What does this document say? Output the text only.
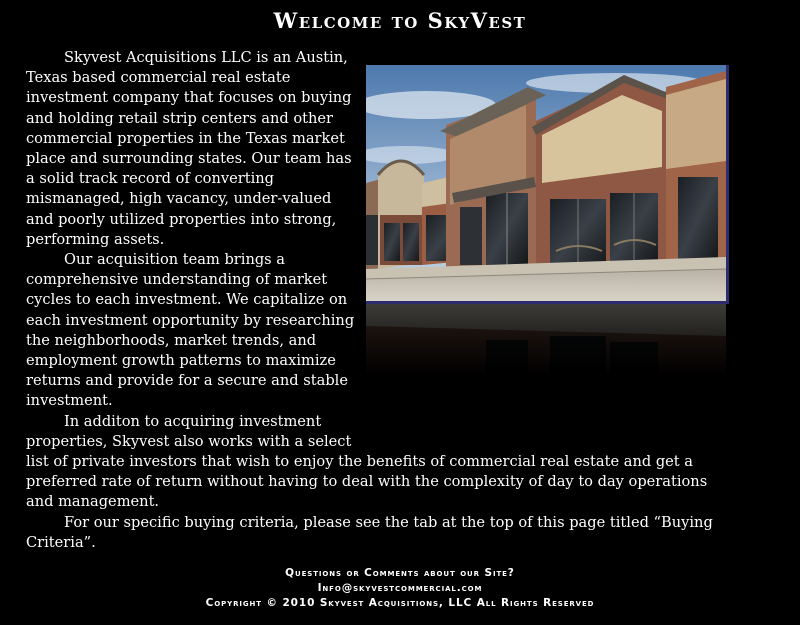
Welcome to SkyVest

Skyvest Acquisitions LLC is an Austin, Texas based commercial real estate investment company that focuses on buying and holding retail strip centers and other commercial properties in the Texas market place and surrounding states. Our team has a solid track record of converting mismanaged, high vacancy, under-valued and poorly utilized properties into strong, performing assets.

Our acquisition team brings a comprehensive understanding of market cycles to each investment. We capitalize on each investment opportunity by researching the neighborhoods, market trends, and employment growth patterns to maximize returns and provide for a secure and stable investment.

In additon to acquiring investment properties, Skyvest also works with a select list of private investors that wish to enjoy the benefits of commercial real estate and get a preferred rate of return without having to deal with the complexity of day to day operations and management.

For our specific buying criteria, please see the tab at the top of this page titled “Buying Criteria”.

Questions or Comments about our Site?
Info@skyvestcommercial.com
Copyright © 2010 Skyvest Acquisitions, LLC All Rights Reserved
